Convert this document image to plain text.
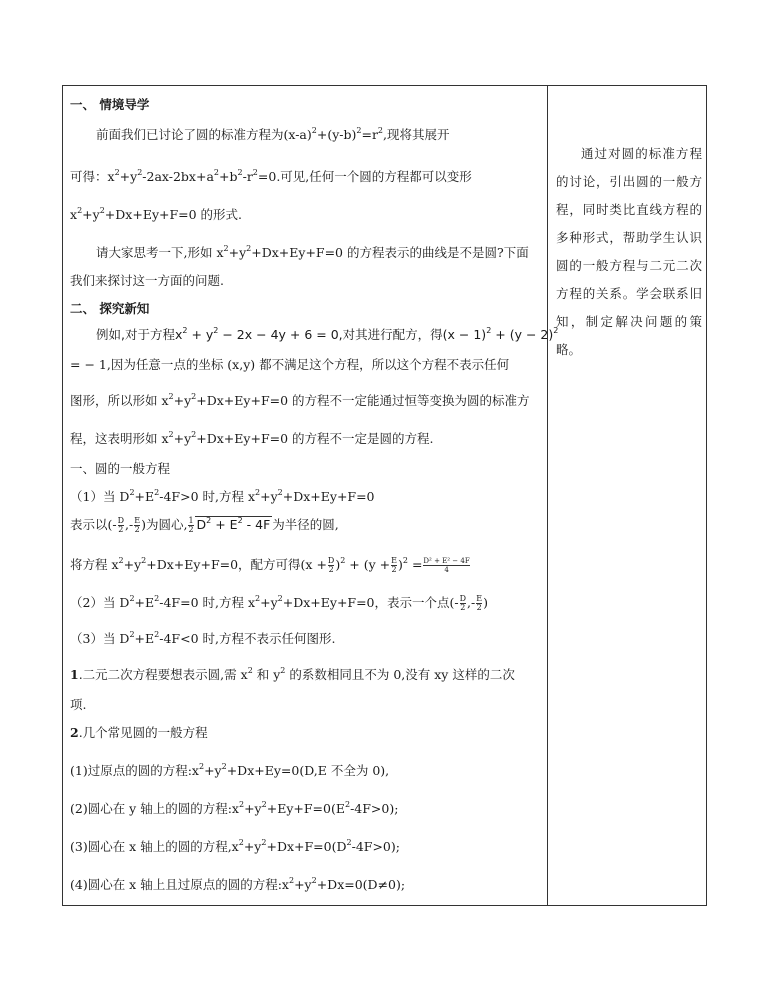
一、 情境导学
前面我们已讨论了圆的标准方程为$(x-a)^2+(y-b)^2=r^2$,现将其展开
可得：$x^2+y^2-2ax-2bx+a^2+b^2-r^2=0$.可见,任何一个圆的方程都可以变形
$x^2+y^2+Dx+Ey+F=0$ 的形式.
请大家思考一下,形如 $x^2+y^2+Dx+Ey+F=0$ 的方程表示的曲线是不是圆?下面
我们来探讨这一方面的问题.
二、 探究新知
例如,对于方程$x^2 + y^2 - 2x - 4y + 6 = 0$,对其进行配方，得$(x - 1)^2 + (y - 2)^2$
= − 1,因为任意一点的坐标 (x,y) 都不满足这个方程，所以这个方程不表示任何
图形，所以形如 $x^2+y^2+Dx+Ey+F=0$ 的方程不一定能通过恒等变换为圆的标准方
程，这表明形如 $x^2+y^2+Dx+Ey+F=0$ 的方程不一定是圆的方程.
一、圆的一般方程
（1）当 $D^2+E^2-4F>0$ 时,方程 $x^2+y^2+Dx+Ey+F=0$
表示以(- $\frac{D}{2}$ ,- $\frac{E}{2}$ )为圆心, $\frac{1}{2} D^2 + E^2 - 4F$ 为半径的圆,
将方程 $x^2+y^2+Dx+Ey+F=0$，配方可得$(x + \frac{D}{2} )^2 + (y + \frac{E}{2} )^2 = \frac{\text{D² + E² − 4F}}{4}$
（2）当 $D^2+E^2-4F=0$ 时,方程 $x^2+y^2+Dx+Ey+F=0$，表示一个点(- $\frac{D}{2}$ ,- $\frac{E}{2}$ )
（3）当 $D^2+E^2-4F<0$ 时,方程不表示任何图形.
1.二元二次方程要想表示圆,需 $x^2$ 和 $y^2$ 的系数相同且不为 0,没有 xy 这样的二次
项.
2.几个常见圆的一般方程
(1)过原点的圆的方程$:x^2+y^2+Dx+Ey=0(D,E$ 不全为 0),
(2)圆心在 y 轴上的圆的方程$:x^2+y^2+Ey+F=0(E^2-4F>0)$;
(3)圆心在 x 轴上的圆的方程$,x^2+y^2+Dx+F=0(D^2-4F>0)$;
(4)圆心在 x 轴上且过原点的圆的方程$:x^2+y^2+Dx=0(D\ne 0)$;

通过对圆的标准方程的讨论，引出圆的一般方程，同时类比直线方程的多种形式，帮助学生认识圆的一般方程与二元二次方程的关系。学会联系旧知，制定解决问题的策略。
